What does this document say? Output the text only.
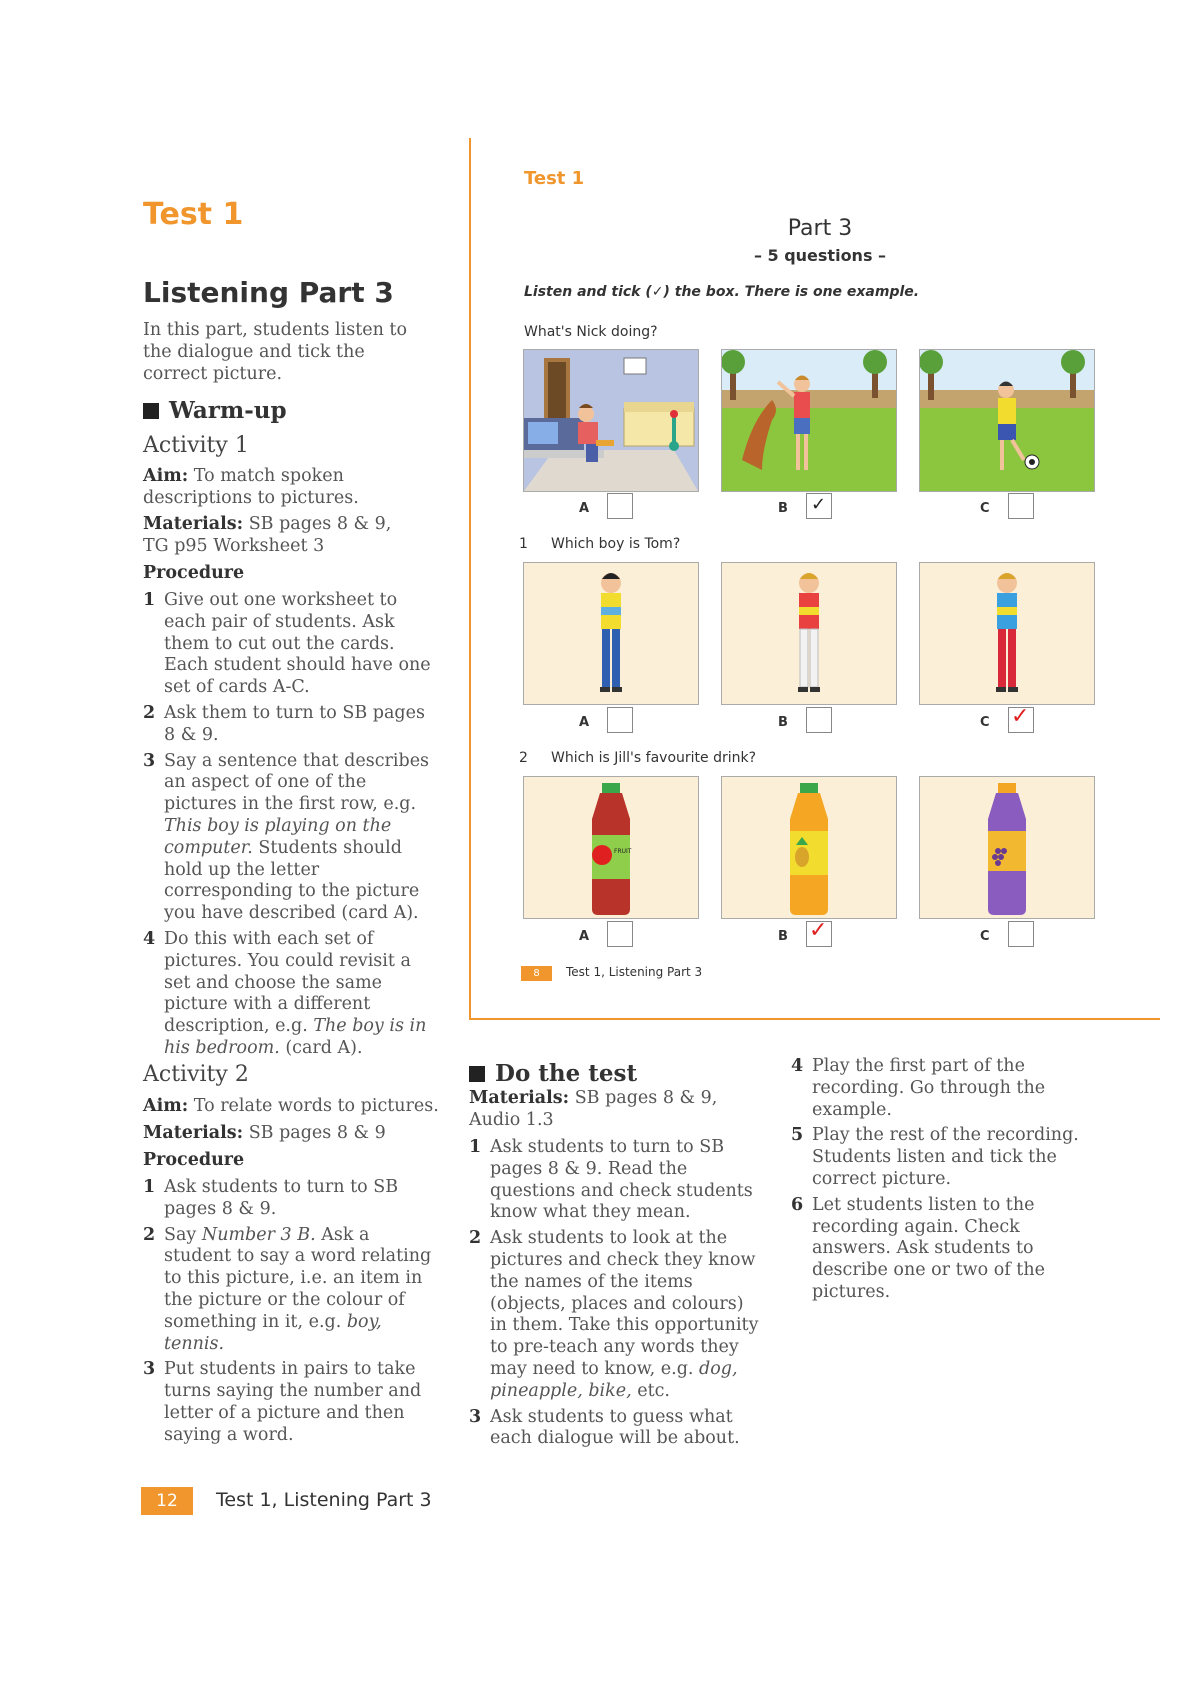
Test 1
Listening Part 3
In this part, students listen to the dialogue and tick the correct picture.
Warm-up
Activity 1
Aim: To match spoken descriptions to pictures.
Materials: SB pages 8 & 9, TG p95 Worksheet 3
Procedure
1 Give out one worksheet to each pair of students. Ask them to cut out the cards. Each student should have one set of cards A-C.
2 Ask them to turn to SB pages 8 & 9.
3 Say a sentence that describes an aspect of one of the pictures in the first row, e.g. This boy is playing on the computer. Students should hold up the letter corresponding to the picture you have described (card A).
4 Do this with each set of pictures. You could revisit a set and choose the same picture with a different description, e.g. The boy is in his bedroom. (card A).
Activity 2
Aim: To relate words to pictures.
Materials: SB pages 8 & 9
Procedure
1 Ask students to turn to SB pages 8 & 9.
2 Say Number 3 B. Ask a student to say a word relating to this picture, i.e. an item in the picture or the colour of something in it, e.g. boy, tennis.
3 Put students in pairs to take turns saying the number and letter of a picture and then saying a word.
12	Test 1, Listening Part 3
Test 1
Part 3
– 5 questions –
Listen and tick (✓) the box. There is one example.
What's Nick doing?
A	B ✓	C
1 Which boy is Tom?
A	B	C ✓
2 Which is Jill's favourite drink?
FRUIT
A	B ✓	C
8	Test 1, Listening Part 3
Do the test
Materials: SB pages 8 & 9, Audio 1.3
1 Ask students to turn to SB pages 8 & 9. Read the questions and check students know what they mean.
2 Ask students to look at the pictures and check they know the names of the items (objects, places and colours) in them. Take this opportunity to pre-teach any words they may need to know, e.g. dog, pineapple, bike, etc.
3 Ask students to guess what each dialogue will be about.
4 Play the first part of the recording. Go through the example.
5 Play the rest of the recording. Students listen and tick the correct picture.
6 Let students listen to the recording again. Check answers. Ask students to describe one or two of the pictures.
